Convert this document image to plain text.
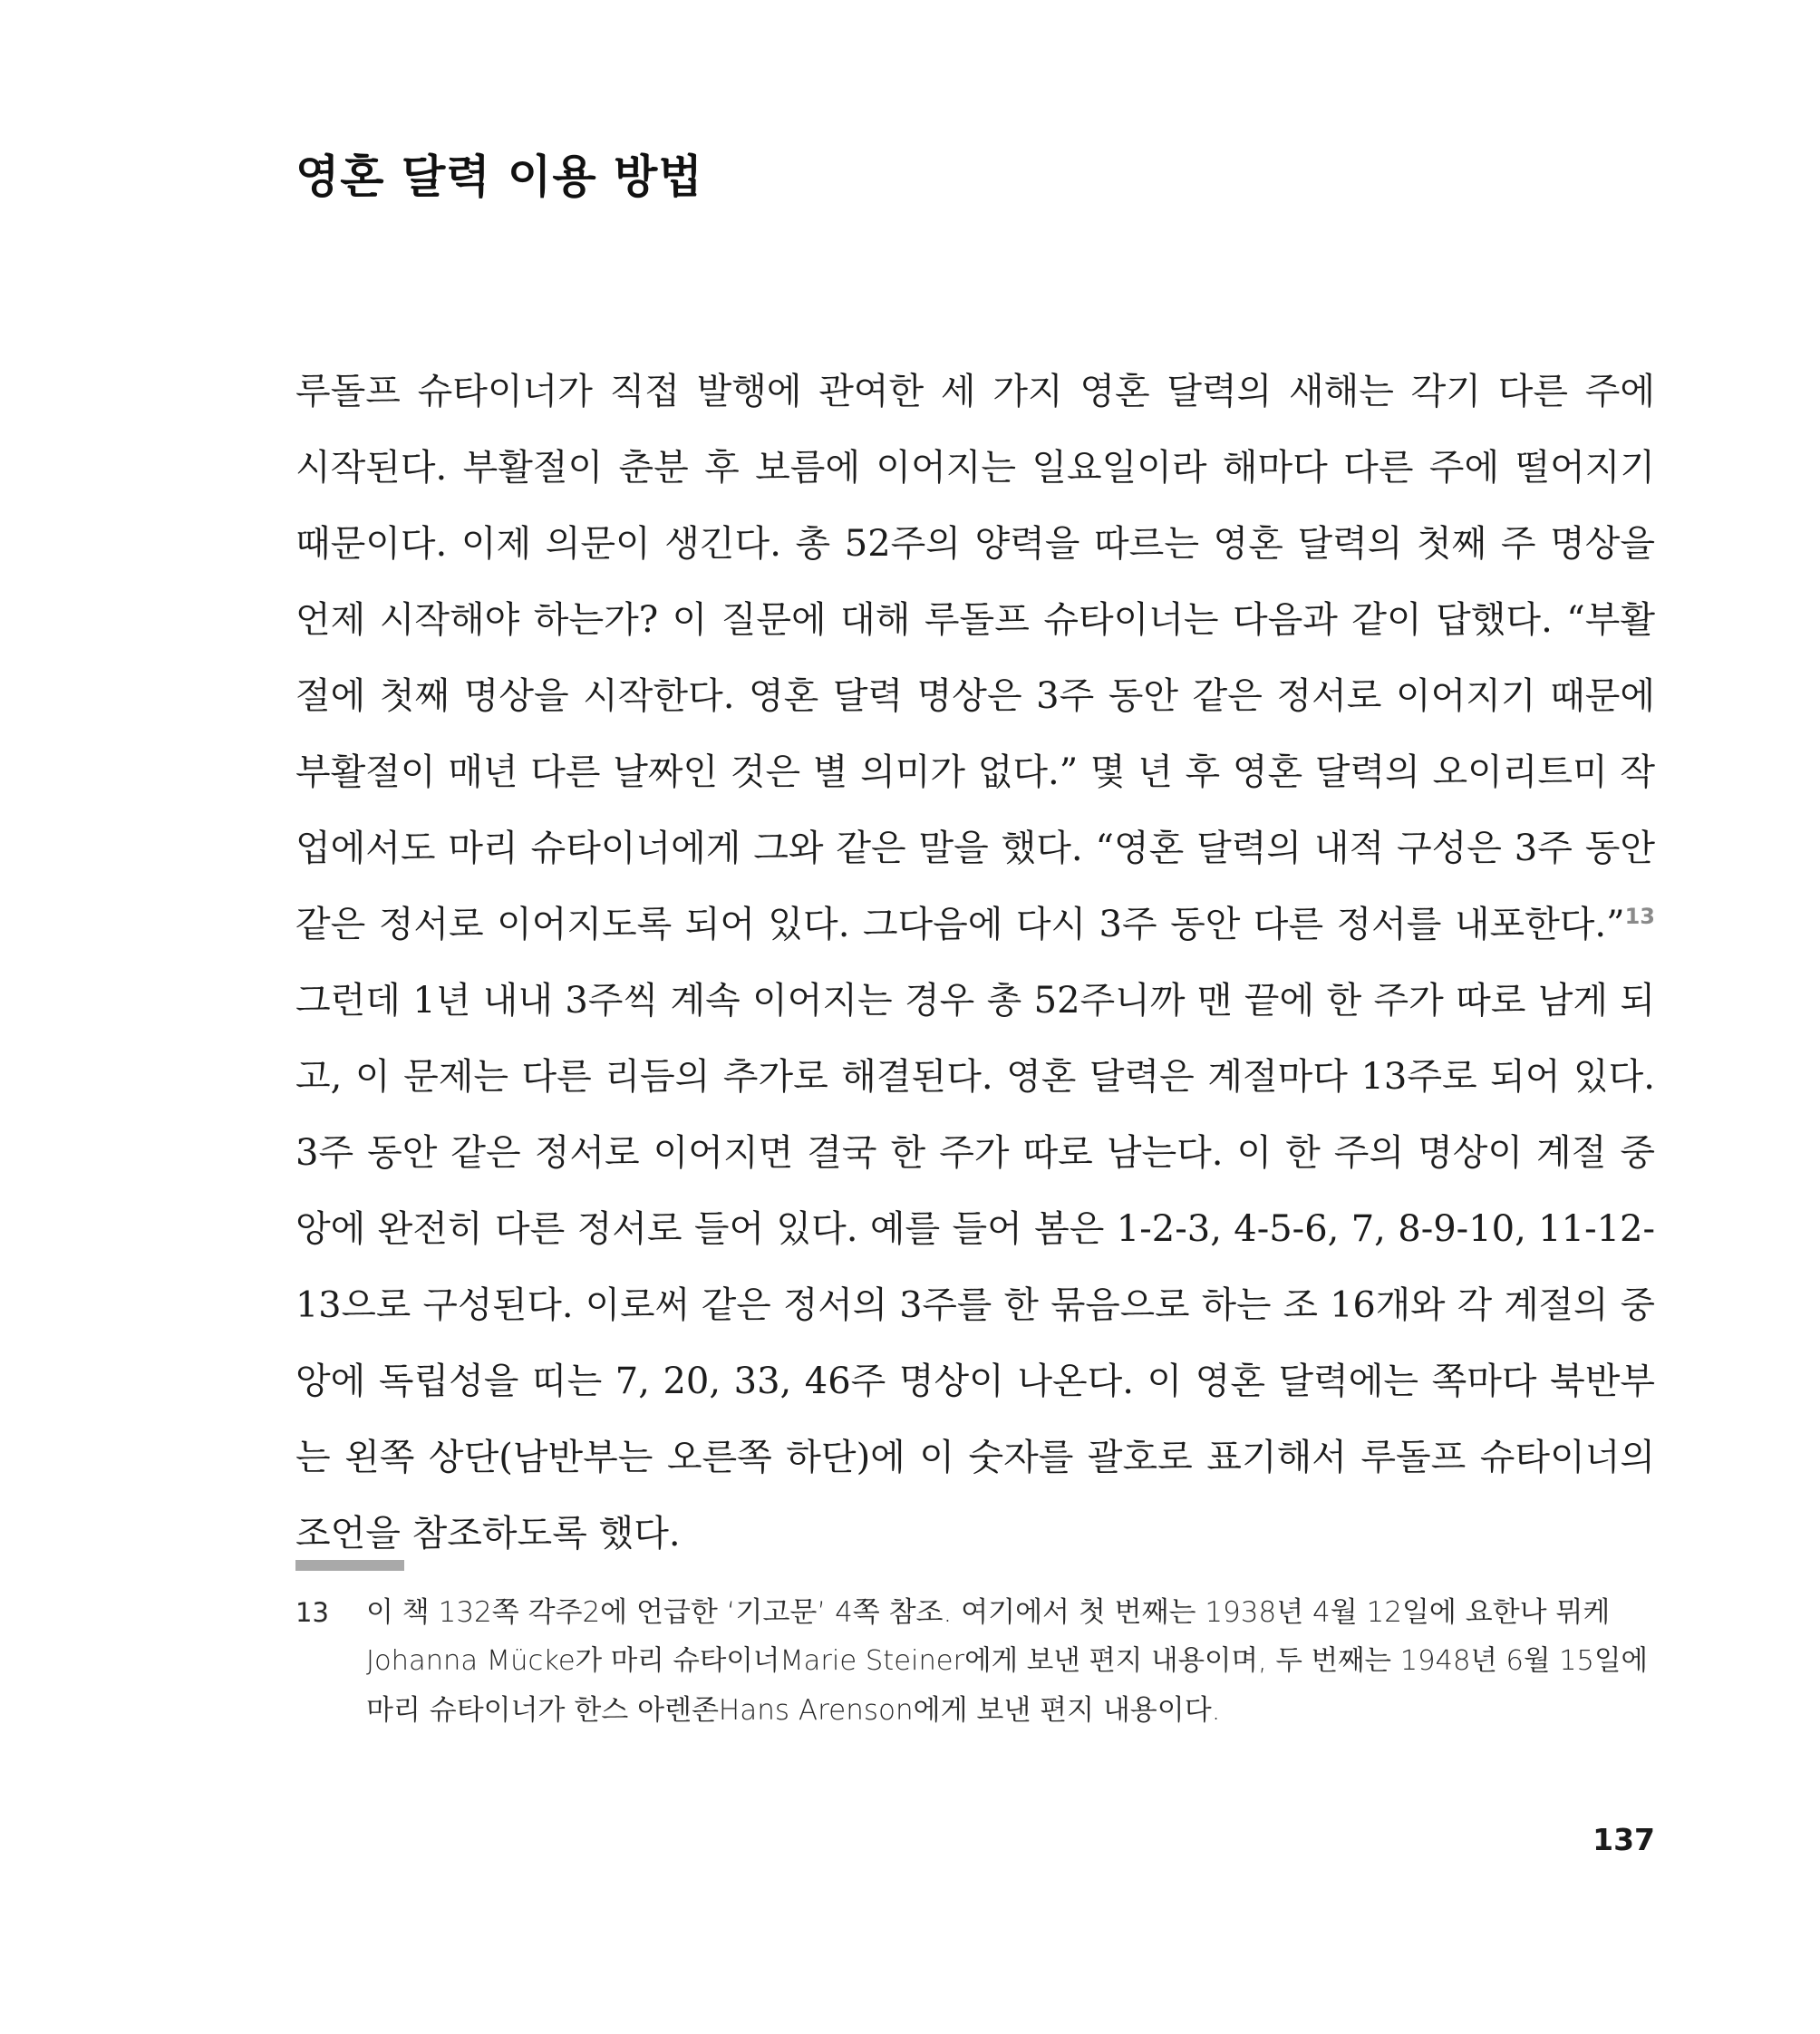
영혼 달력 이용 방법
루돌프 슈타이너가 직접 발행에 관여한 세 가지 영혼 달력의 새해는 각기 다른 주에
시작된다. 부활절이 춘분 후 보름에 이어지는 일요일이라 해마다 다른 주에 떨어지기
때문이다. 이제 의문이 생긴다. 총 52주의 양력을 따르는 영혼 달력의 첫째 주 명상을
언제 시작해야 하는가? 이 질문에 대해 루돌프 슈타이너는 다음과 같이 답했다. “부활
절에 첫째 명상을 시작한다. 영혼 달력 명상은 3주 동안 같은 정서로 이어지기 때문에
부활절이 매년 다른 날짜인 것은 별 의미가 없다.” 몇 년 후 영혼 달력의 오이리트미 작
업에서도 마리 슈타이너에게 그와 같은 말을 했다. “영혼 달력의 내적 구성은 3주 동안
같은 정서로 이어지도록 되어 있다. 그다음에 다시 3주 동안 다른 정서를 내포한다.”$^{13}$
그런데 1년 내내 3주씩 계속 이어지는 경우 총 52주니까 맨 끝에 한 주가 따로 남게 되
고, 이 문제는 다른 리듬의 추가로 해결된다. 영혼 달력은 계절마다 13주로 되어 있다.
3주 동안 같은 정서로 이어지면 결국 한 주가 따로 남는다. 이 한 주의 명상이 계절 중
앙에 완전히 다른 정서로 들어 있다. 예를 들어 봄은 1-2-3, 4-5-6, 7, 8-9-10, 11-12-
13으로 구성된다. 이로써 같은 정서의 3주를 한 묶음으로 하는 조 16개와 각 계절의 중
앙에 독립성을 띠는 7, 20, 33, 46주 명상이 나온다. 이 영혼 달력에는 쪽마다 북반부
는 왼쪽 상단(남반부는 오른쪽 하단)에 이 숫자를 괄호로 표기해서 루돌프 슈타이너의
조언을 참조하도록 했다.
13 이 책 132쪽 각주2에 언급한 ‘기고문’ 4쪽 참조. 여기에서 첫 번째는 1938년 4월 12일에 요한나 뮈케
Johanna Mücke가 마리 슈타이너Marie Steiner에게 보낸 편지 내용이며, 두 번째는 1948년 6월 15일에
마리 슈타이너가 한스 아렌존Hans Arenson에게 보낸 편지 내용이다.
137
